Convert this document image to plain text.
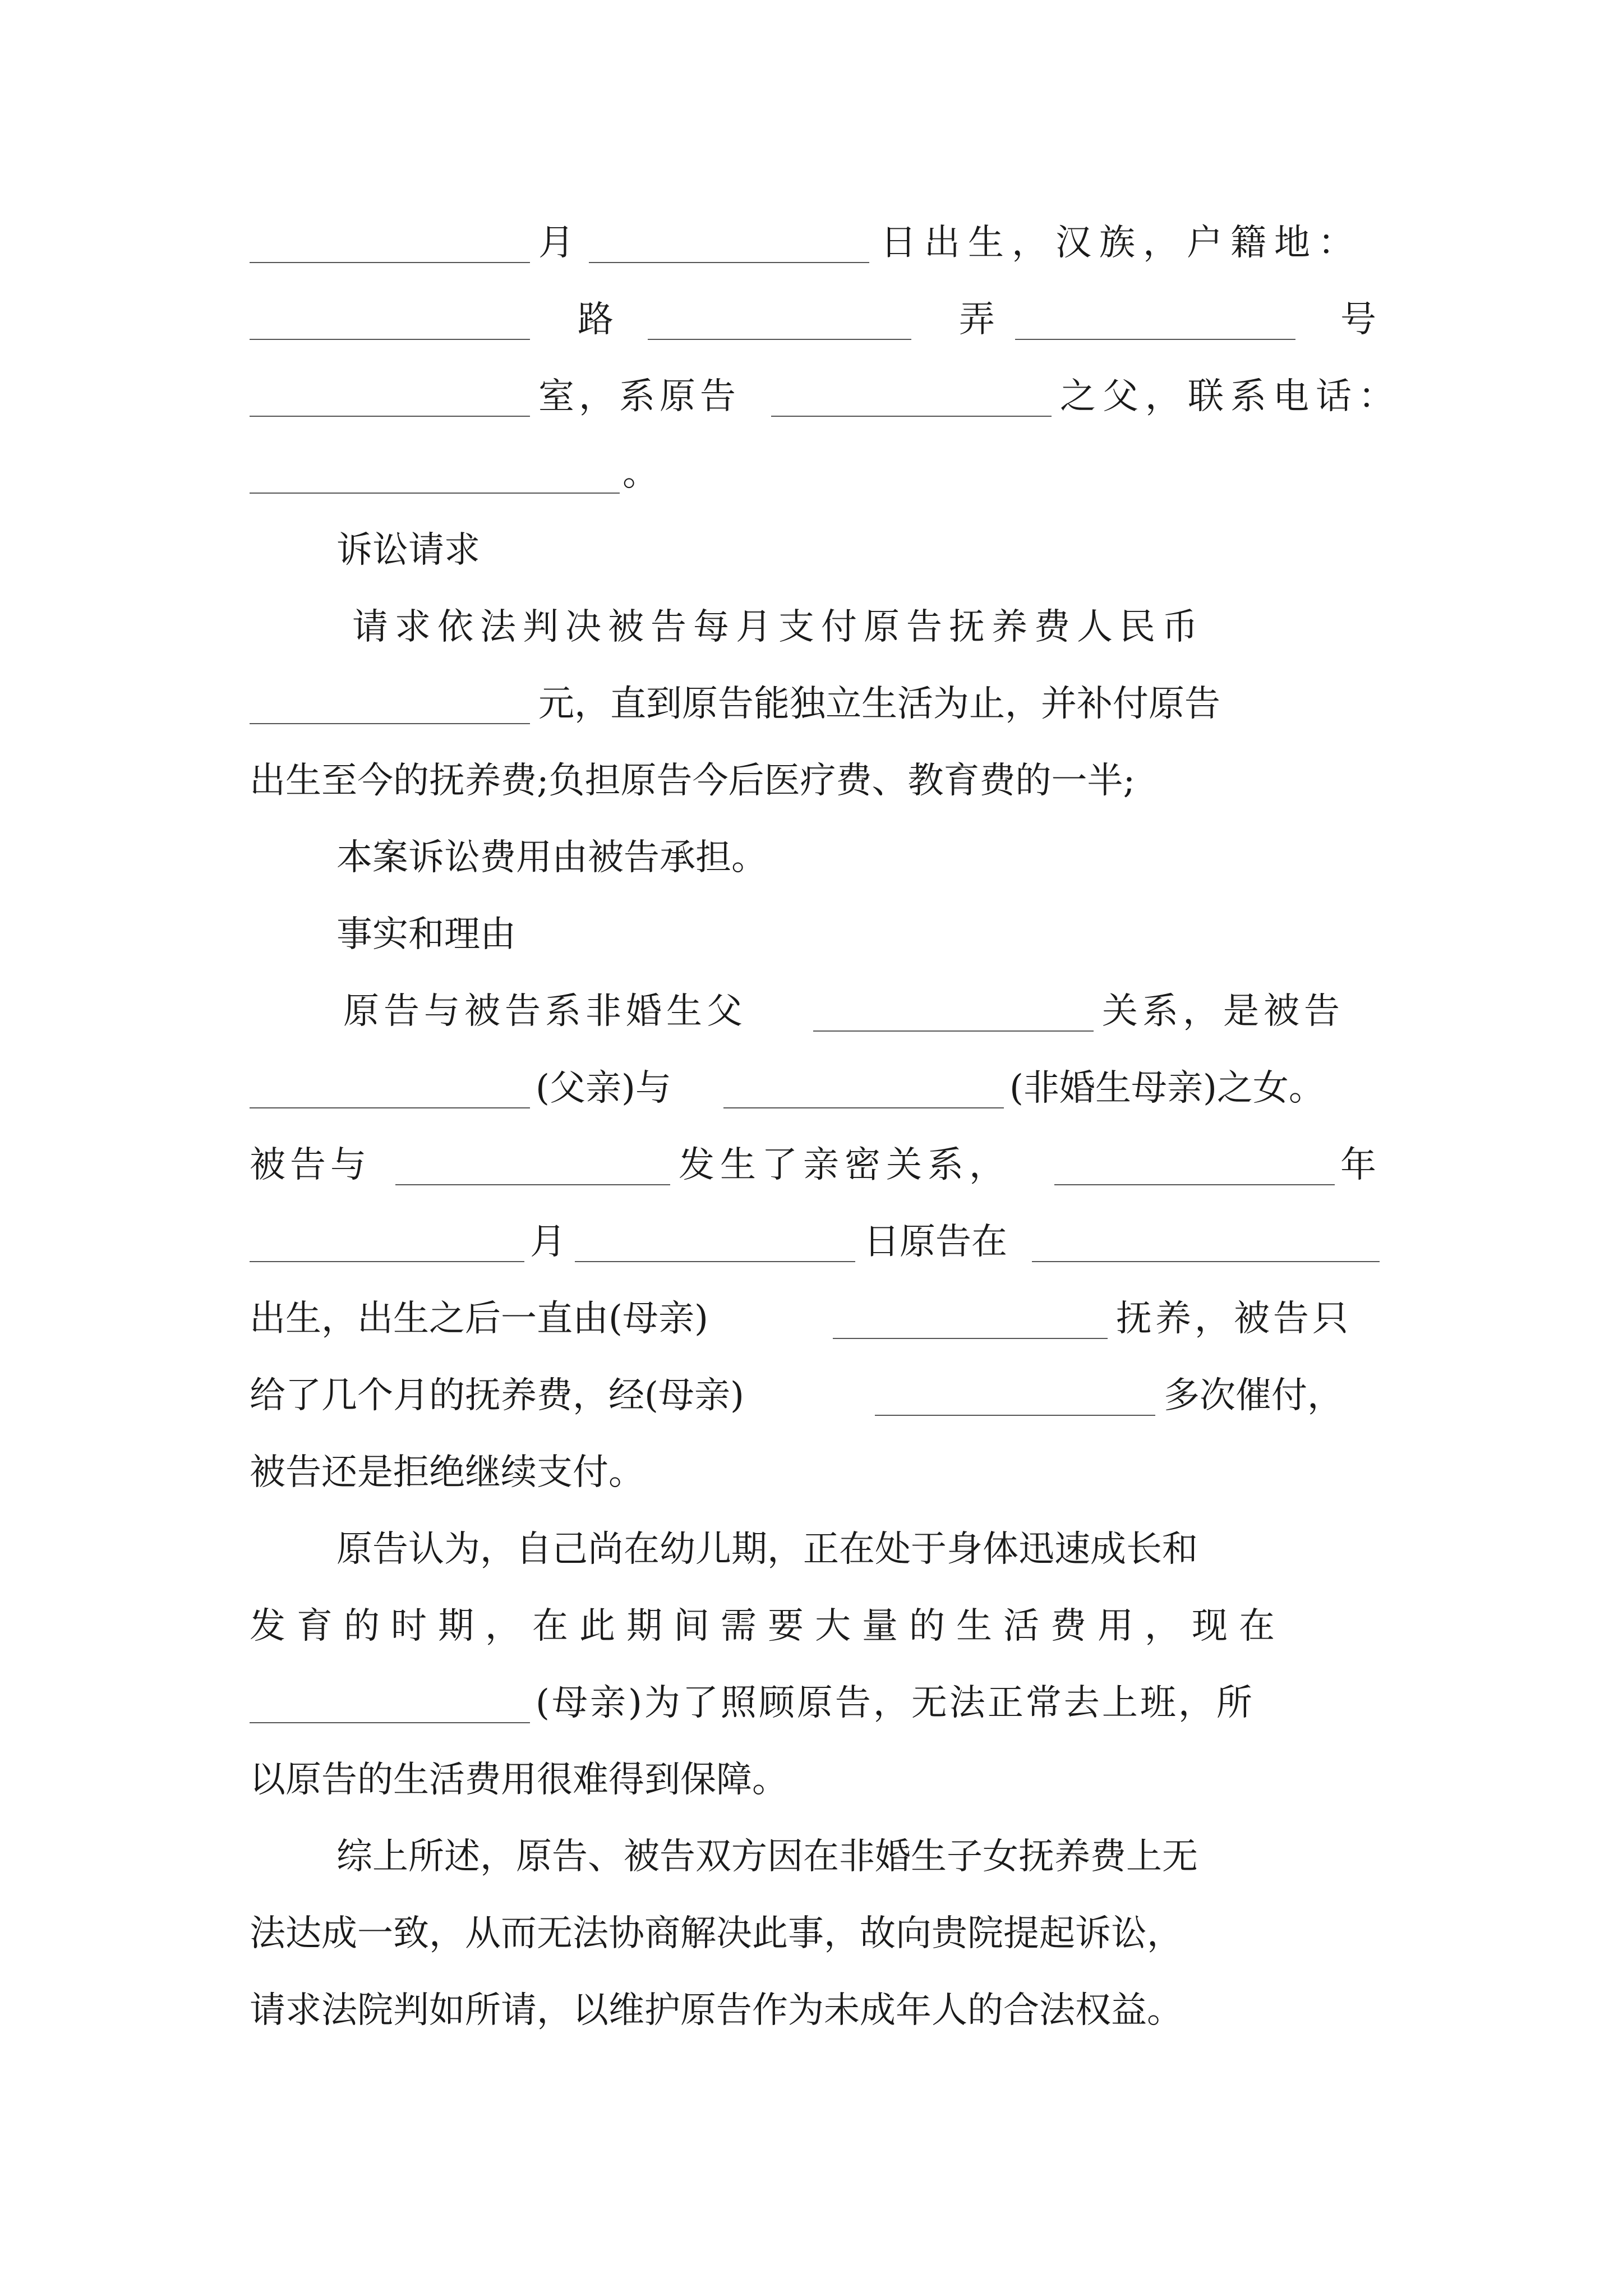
月	日出生，汉族，户籍地：
路	弄	号
室，系原告	之父，联系电话：
。
诉讼请求
请求依法判决被告每月支付原告抚养费人民币
元，直到原告能独立生活为止，并补付原告
出生至今的抚养费;负担原告今后医疗费、教育费的一半;
本案诉讼费用由被告承担。
事实和理由
原告与被告系非婚生父	关系，是被告
(父亲)与	(非婚生母亲)之女。
被告与	发生了亲密关系，	年
月	日原告在
出生，出生之后一直由(母亲)	抚养，被告只
给了几个月的抚养费，经(母亲)	多次催付，
被告还是拒绝继续支付。
原告认为，自己尚在幼儿期，正在处于身体迅速成长和
发育的时期，在此期间需要大量的生活费用，现在
(母亲)为了照顾原告，无法正常去上班，所
以原告的生活费用很难得到保障。
综上所述，原告、被告双方因在非婚生子女抚养费上无
法达成一致，从而无法协商解决此事，故向贵院提起诉讼，
请求法院判如所请，以维护原告作为未成年人的合法权益。
